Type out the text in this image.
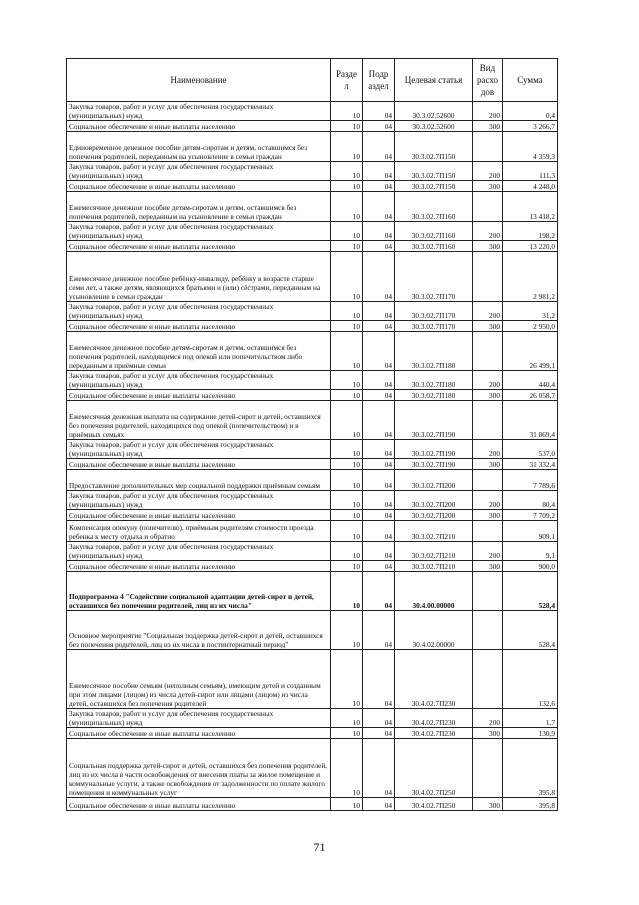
Наименование	Разде л	Подр аздел	Целевая статья	Вид расхо дов	Сумма
Закупка товаров, работ и услуг для обеспечения государственных (муниципальных) нужд	10	04	30.3.02.52600	200	0,4
Социальное обеспечение и иные выплаты населению	10	04	30.3.02.52600	300	3 266,7
Единовременное денежное пособие детям-сиротам и детям, оставшимся без попечения родителей, переданным на усыновление в семьи граждан	10	04	30.3.02.7П150		4 359,3
Закупка товаров, работ и услуг для обеспечения государственных (муниципальных) нужд	10	04	30.3.02.7П150	200	111,3
Социальное обеспечение и иные выплаты населению	10	04	30.3.02.7П150	300	4 248,0
Ежемесячное денежное пособие детям-сиротам и детям, оставшимся без попечения родителей, переданным на усыновление в семьи граждан	10	04	30.3.02.7П160		13 418,2
Закупка товаров, работ и услуг для обеспечения государственных (муниципальных) нужд	10	04	30.3.02.7П160	200	198,2
Социальное обеспечение и иные выплаты населению	10	04	30.3.02.7П160	300	13 220,0
Ежемесячное денежное пособие ребёнку-инвалиду, ребёнку в возрасте старше семи лет, а также детям, являющихся братьями и (или) сёстрами, переданным на усыновление в семьи граждан	10	04	30.3.02.7П170		2 981,2
Закупка товаров, работ и услуг для обеспечения государственных (муниципальных) нужд	10	04	30.3.02.7П170	200	31,2
Социальное обеспечение и иные выплаты населению	10	04	30.3.02.7П170	300	2 950,0
Ежемесячное денежное пособие детям-сиротам и детям, оставшимся без попечения родителей, находящимся под опекой или попечительством либо переданным в приёмные семьи	10	04	30.3.02.7П180		26 499,1
Закупка товаров, работ и услуг для обеспечения государственных (муниципальных) нужд	10	04	30.3.02.7П180	200	440,4
Социальное обеспечение и иные выплаты населению	10	04	30.3.02.7П180	300	26 058,7
Ежемесячная денежная выплата на содержание детей-сирот и детей, оставшихся без попечения родителей, находящихся под опекой (попечительством) и в приёмных семьях	10	04	30.3.02.7П190		31 869,4
Закупка товаров, работ и услуг для обеспечения государственных (муниципальных) нужд	10	04	30.3.02.7П190	200	537,0
Социальное обеспечение и иные выплаты населению	10	04	30.3.02.7П190	300	31 332,4
Предоставление дополнительных мер социальной поддержки приёмным семьям	10	04	30.3.02.7П200		7 789,6
Закупка товаров, работ и услуг для обеспечения государственных (муниципальных) нужд	10	04	30.3.02.7П200	200	80,4
Социальное обеспечение и иные выплаты населению	10	04	30.3.02.7П200	300	7 709,2
Компенсация опекуну (попечителю), приёмным родителям стоимости проезда ребенка к месту отдыха и обратно	10	04	30.3.02.7П210		909,1
Закупка товаров, работ и услуг для обеспечения государственных (муниципальных) нужд	10	04	30.3.02.7П210	200	9,1
Социальное обеспечение и иные выплаты населению	10	04	30.3.02.7П210	300	900,0
Подпрограмма 4 "Содействие социальной адаптации детей-сирот и детей, оставшихся без попечения родителей, лиц из их числа"	10	04	30.4.00.00000		528,4
Основное мероприятие "Социальная поддержка детей-сирот и детей, оставшихся без попечения родителей, лиц из их числа в постинтернатный период"	10	04	30.4.02.00000		528,4
Ежемесячное пособие семьям (неполным семьям), имеющим детей и созданным при этом лицами (лицом) из числа детей-сирот или лицами (лицом) из числа детей, оставшихся без попечения родителей	10	04	30.4.02.7П230		132,6
Закупка товаров, работ и услуг для обеспечения государственных (муниципальных) нужд	10	04	30.4.02.7П230	200	1,7
Социальное обеспечение и иные выплаты населению	10	04	30.4.02.7П230	300	130,9
Социальная поддержка детей-сирот и детей, оставшихся без попечения родителей, лиц из их числа в части освобождения от внесения платы за жилое помещение и коммунальные услуги, а также освобождения от задолженности по оплате жилого помещения и коммунальных услуг	10	04	30.4.02.7П250		395,8
Социальное обеспечение и иные выплаты населению	10	04	30.4.02.7П250	300	395,8
71
